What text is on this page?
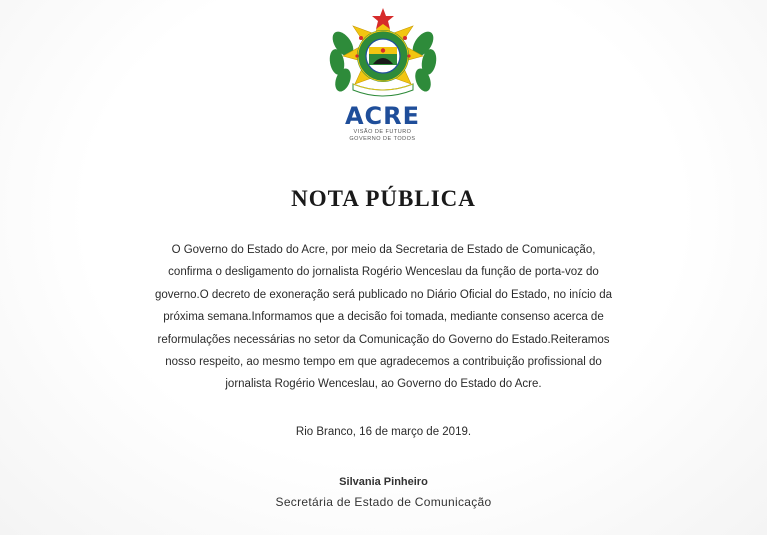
ACRE
VISÃO DE FUTURO
GOVERNO DE TODOS
NOTA PÚBLICA

O Governo do Estado do Acre, por meio da Secretaria de Estado de Comunicação, confirma o desligamento do jornalista Rogério Wenceslau da função de porta-voz do governo.O decreto de exoneração será publicado no Diário Oficial do Estado, no início da próxima semana.Informamos que a decisão foi tomada, mediante consenso acerca de reformulações necessárias no setor da Comunicação do Governo do Estado.Reiteramos nosso respeito, ao mesmo tempo em que agradecemos a contribuição profissional do jornalista Rogério Wenceslau, ao Governo do Estado do Acre.

Rio Branco, 16 de março de 2019.
Silvania Pinheiro
Secretária de Estado de Comunicação
